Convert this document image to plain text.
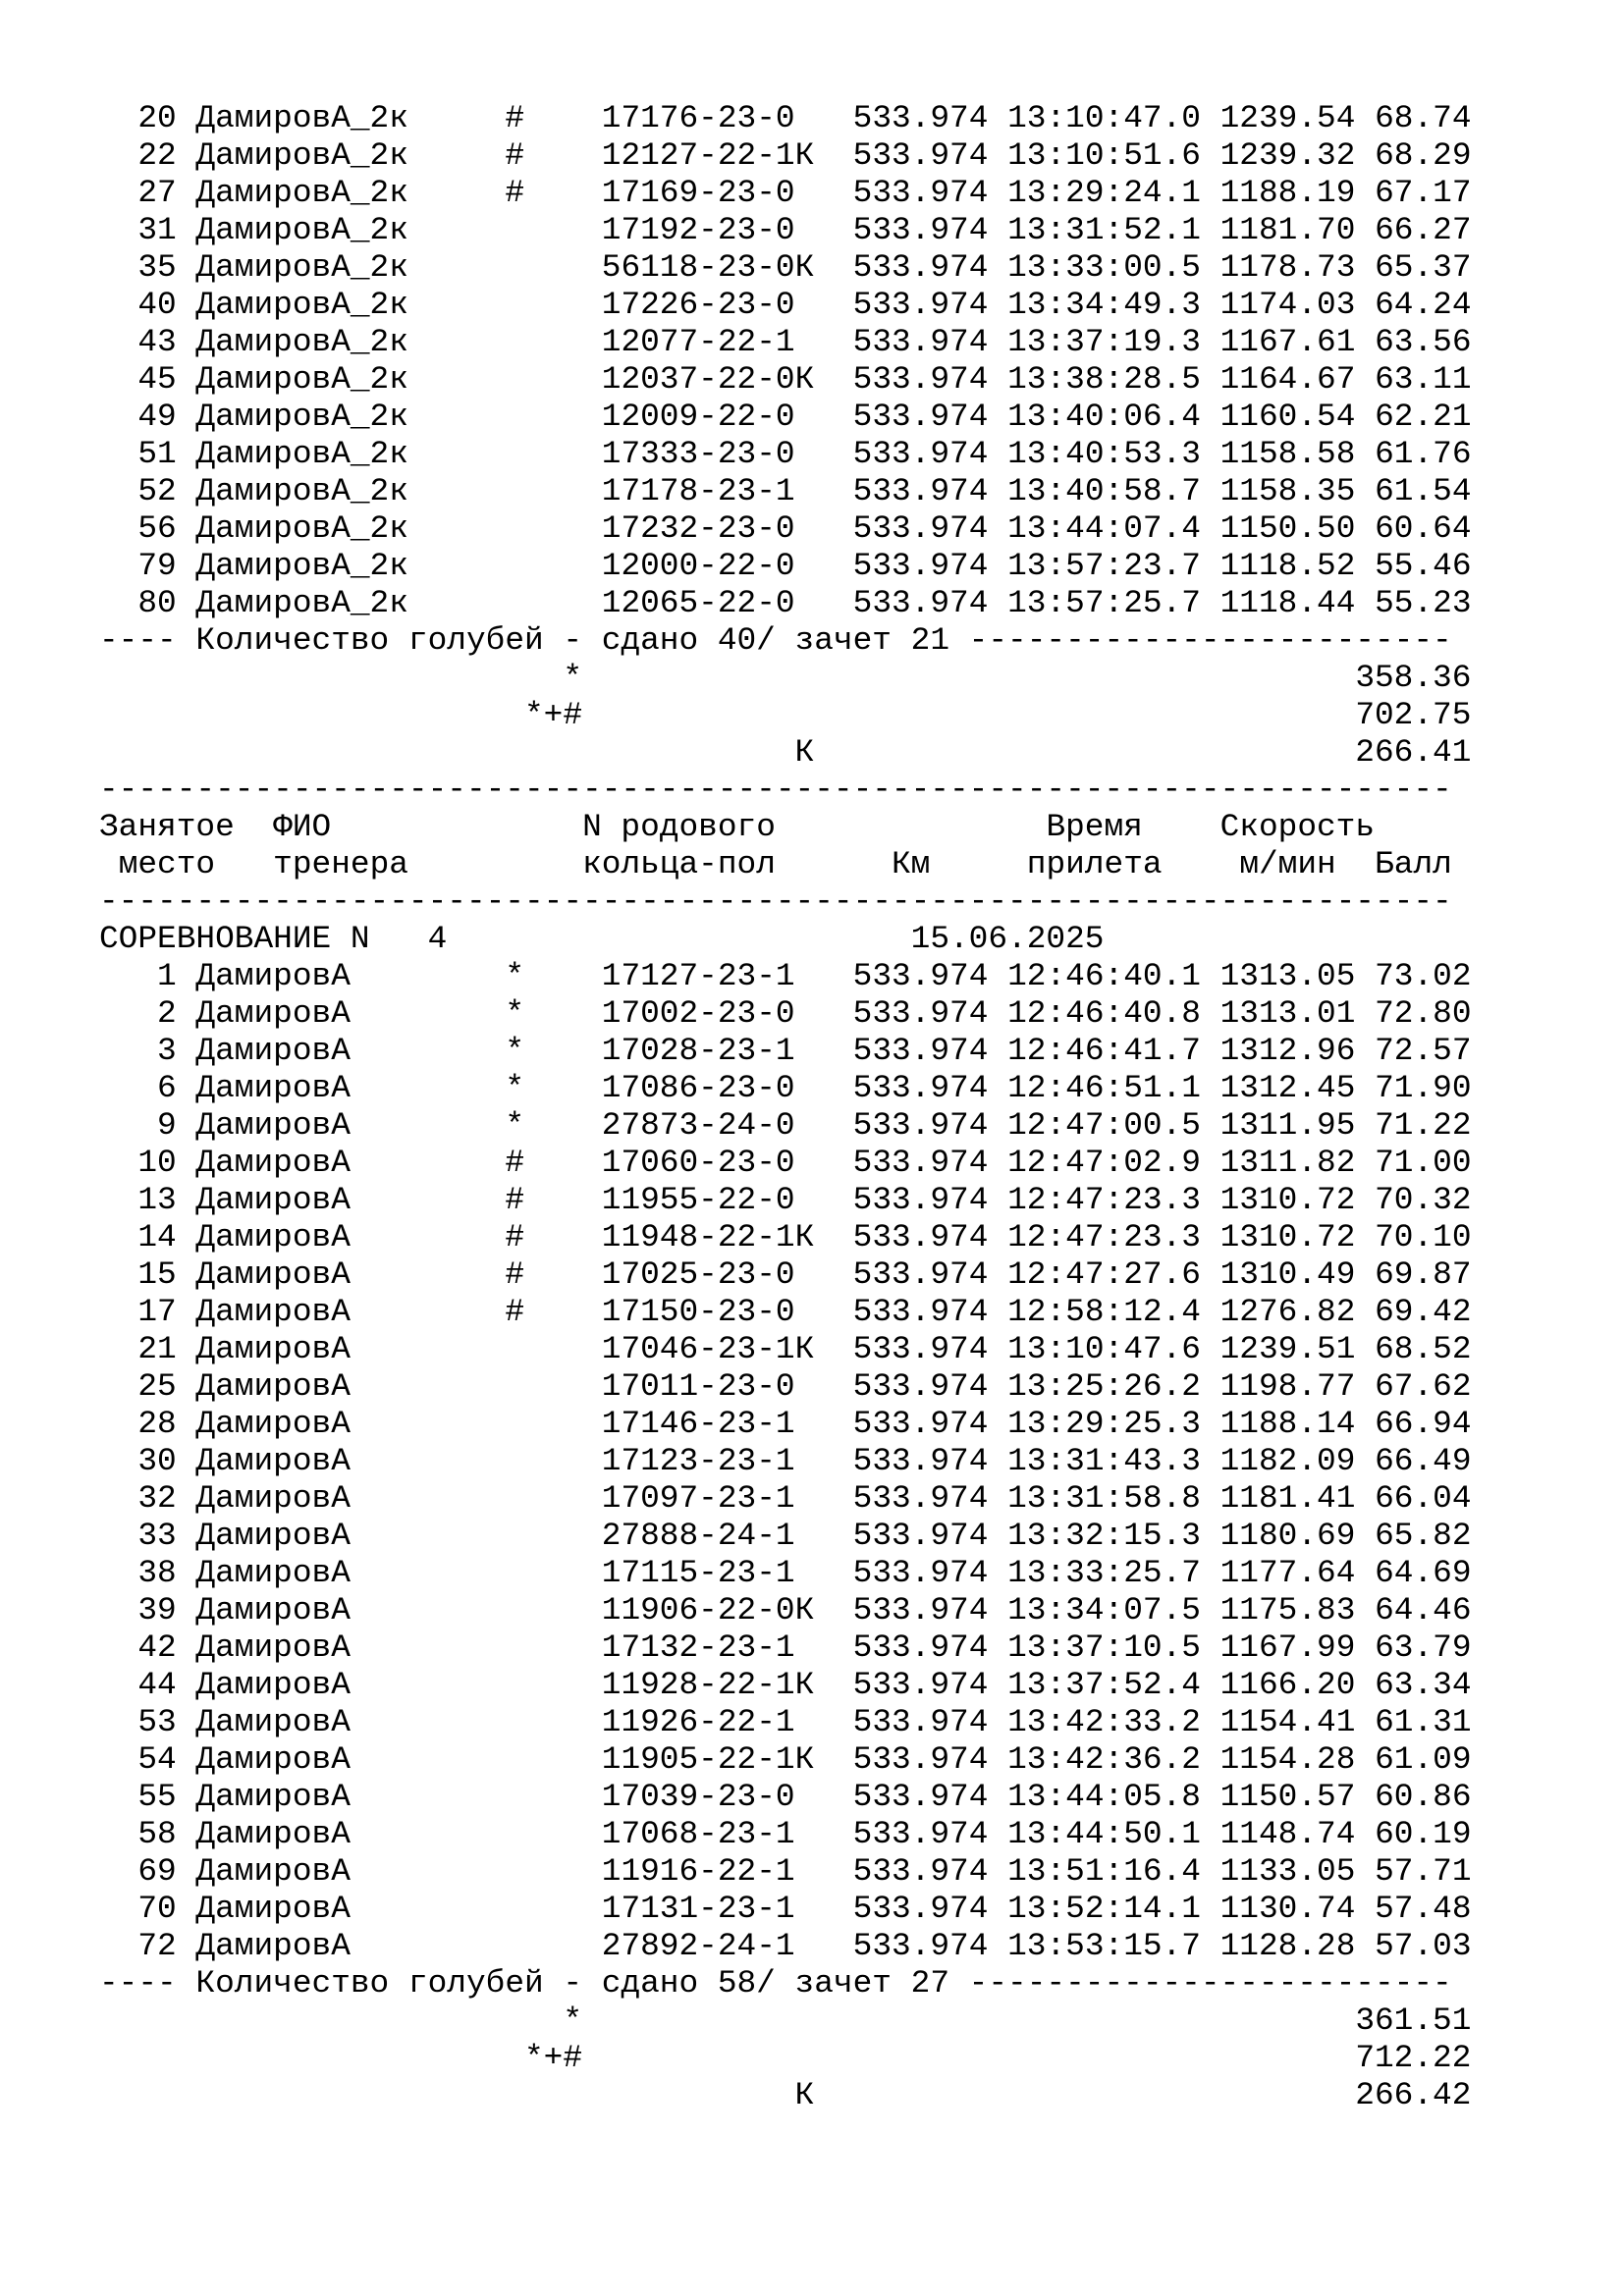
20 ДамировА_2к	# 17176-23-0   533.974 13:10:47.0 1239.54 68.74
22 ДамировА_2к	# 12127-22-1К 533.974 13:10:51.6 1239.32 68.29
27 ДамировА_2к	# 17169-23-0   533.974 13:29:24.1 1188.19 67.17
31 ДамировА_2к	17192-23-0   533.974 13:31:52.1 1181.70 66.27
35 ДамировА_2к	56118-23-0К 533.974 13:33:00.5 1178.73 65.37
40 ДамировА_2к	17226-23-0   533.974 13:34:49.3 1174.03 64.24
43 ДамировА_2к	12077-22-1   533.974 13:37:19.3 1167.61 63.56
45 ДамировА_2к	12037-22-0К 533.974 13:38:28.5 1164.67 63.11
49 ДамировА_2к	12009-22-0   533.974 13:40:06.4 1160.54 62.21
51 ДамировА_2к	17333-23-0   533.974 13:40:53.3 1158.58 61.76
52 ДамировА_2к	17178-23-1   533.974 13:40:58.7 1158.35 61.54
56 ДамировА_2к	17232-23-0   533.974 13:44:07.4 1150.50 60.64
79 ДамировА_2к	12000-22-0   533.974 13:57:23.7 1118.52 55.46
80 ДамировА_2к	12065-22-0   533.974 13:57:25.7 1118.44 55.23
---- Количество голубей - сдано 40/ зачет 21 -------------------------
*	358.36
*+#	702.75
К	266.41
----------------------------------------------------------------------
Занятое ФИО	N родового	Время Скорость
место тренера	кольца-пол	Км	прилета м/мин Балл
----------------------------------------------------------------------
СОРЕВНОВАНИЕ N 4	15.06.2025
1 ДамировА	* 17127-23-1   533.974 12:46:40.1 1313.05 73.02
2 ДамировА	* 17002-23-0   533.974 12:46:40.8 1313.01 72.80
3 ДамировА	* 17028-23-1   533.974 12:46:41.7 1312.96 72.57
6 ДамировА	* 17086-23-0   533.974 12:46:51.1 1312.45 71.90
9 ДамировА	* 27873-24-0   533.974 12:47:00.5 1311.95 71.22
10 ДамировА	# 17060-23-0   533.974 12:47:02.9 1311.82 71.00
13 ДамировА	# 11955-22-0   533.974 12:47:23.3 1310.72 70.32
14 ДамировА	# 11948-22-1К 533.974 12:47:23.3 1310.72 70.10
15 ДамировА	# 17025-23-0   533.974 12:47:27.6 1310.49 69.87
17 ДамировА	# 17150-23-0   533.974 12:58:12.4 1276.82 69.42
21 ДамировА	17046-23-1К 533.974 13:10:47.6 1239.51 68.52
25 ДамировА	17011-23-0   533.974 13:25:26.2 1198.77 67.62
28 ДамировА	17146-23-1   533.974 13:29:25.3 1188.14 66.94
30 ДамировА	17123-23-1   533.974 13:31:43.3 1182.09 66.49
32 ДамировА	17097-23-1   533.974 13:31:58.8 1181.41 66.04
33 ДамировА	27888-24-1   533.974 13:32:15.3 1180.69 65.82
38 ДамировА	17115-23-1   533.974 13:33:25.7 1177.64 64.69
39 ДамировА	11906-22-0К 533.974 13:34:07.5 1175.83 64.46
42 ДамировА	17132-23-1   533.974 13:37:10.5 1167.99 63.79
44 ДамировА	11928-22-1К 533.974 13:37:52.4 1166.20 63.34
53 ДамировА	11926-22-1   533.974 13:42:33.2 1154.41 61.31
54 ДамировА	11905-22-1К 533.974 13:42:36.2 1154.28 61.09
55 ДамировА	17039-23-0   533.974 13:44:05.8 1150.57 60.86
58 ДамировА	17068-23-1   533.974 13:44:50.1 1148.74 60.19
69 ДамировА	11916-22-1   533.974 13:51:16.4 1133.05 57.71
70 ДамировА	17131-23-1   533.974 13:52:14.1 1130.74 57.48
72 ДамировА	27892-24-1   533.974 13:53:15.7 1128.28 57.03
---- Количество голубей - сдано 58/ зачет 27 -------------------------
*	361.51
*+#	712.22
К	266.42
